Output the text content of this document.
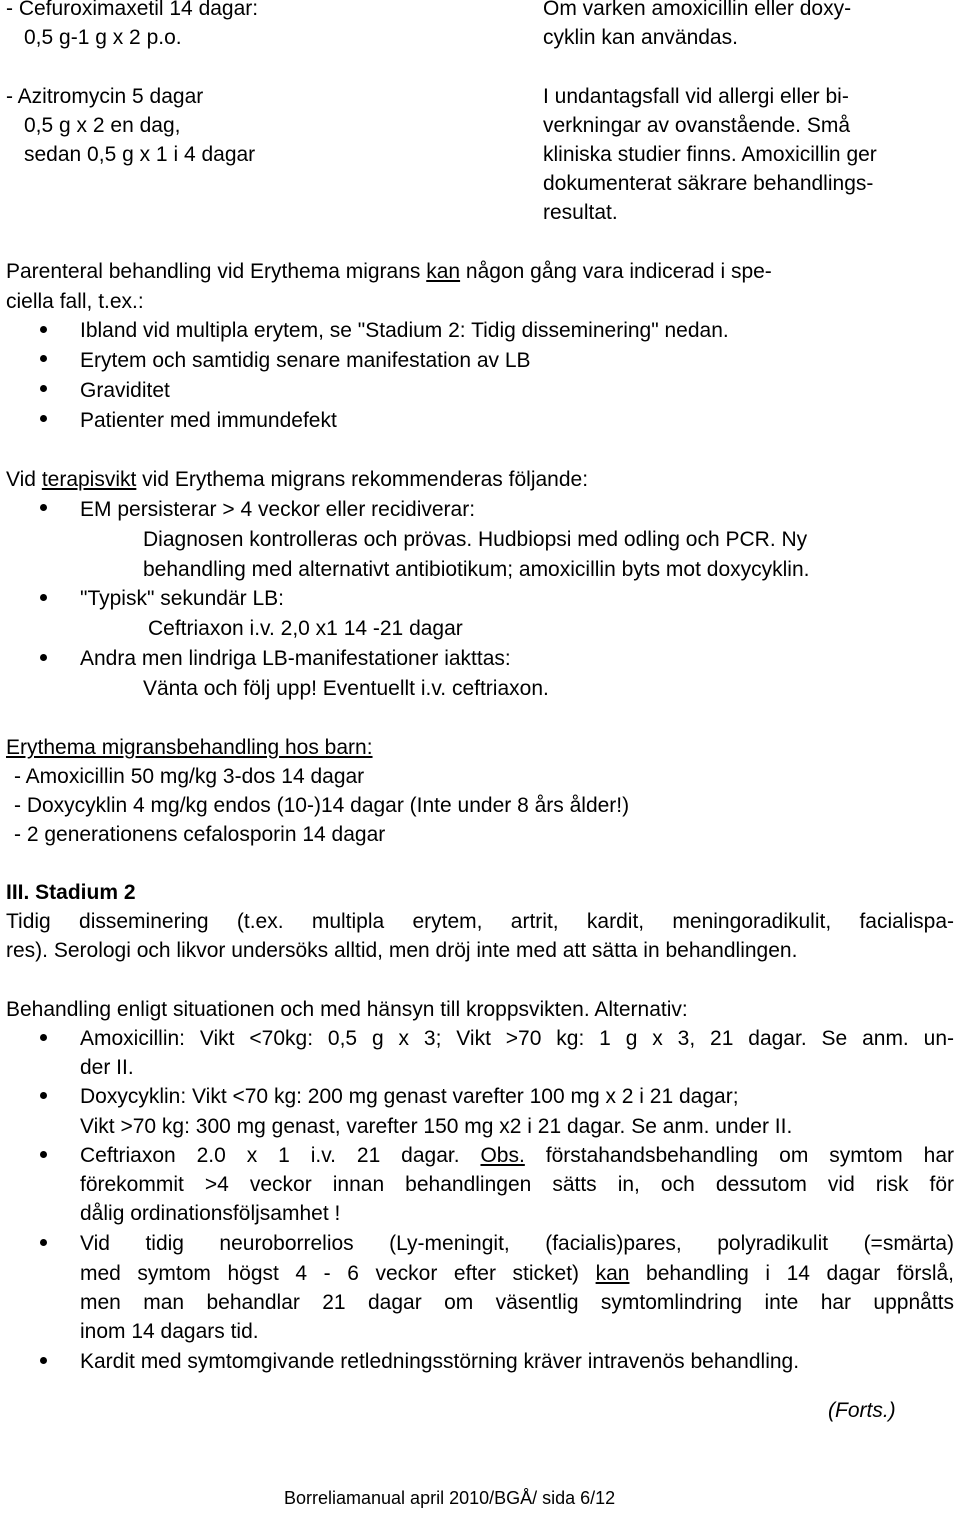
- Cefuroximaxetil 14 dagar:
0,5 g-1 g x 2 p.o.
- Azitromycin 5 dagar
0,5 g x 2 en dag,
sedan 0,5 g x 1 i 4 dagar
Om varken amoxicillin eller doxy-
cyklin kan användas.
I undantagsfall vid allergi eller bi-
verkningar av ovanstående. Små
kliniska studier finns. Amoxicillin ger
dokumenterat säkrare behandlings-
resultat.
Parenteral behandling vid Erythema migrans kan någon gång vara indicerad i spe-
ciella fall, t.ex.:
Ibland vid multipla erytem, se "Stadium 2: Tidig disseminering" nedan.
Erytem och samtidig senare manifestation av LB
Graviditet
Patienter med immundefekt
Vid terapisvikt vid Erythema migrans rekommenderas följande:
EM persisterar > 4 veckor eller recidiverar:
Diagnosen kontrolleras och prövas. Hudbiopsi med odling och PCR. Ny
behandling med alternativt antibiotikum; amoxicillin byts mot doxycyklin.
"Typisk" sekundär LB:
Ceftriaxon i.v. 2,0 x1 14 -21 dagar
Andra men lindriga LB-manifestationer iakttas:
Vänta och följ upp! Eventuellt i.v. ceftriaxon.
Erythema migransbehandling hos barn:
- Amoxicillin 50 mg/kg 3-dos 14 dagar
- Doxycyklin 4 mg/kg endos (10-)14 dagar (Inte under 8 års ålder!)
- 2 generationens cefalosporin 14 dagar
III. Stadium 2
Tidig disseminering (t.ex. multipla erytem, artrit, kardit, meningoradikulit, facialispa-
res). Serologi och likvor undersöks alltid, men dröj inte med att sätta in behandlingen.
Behandling enligt situationen och med hänsyn till kroppsvikten. Alternativ:
Amoxicillin: Vikt <70kg: 0,5 g x 3; Vikt >70 kg: 1 g x 3, 21 dagar. Se anm. un-
der II.
Doxycyklin: Vikt <70 kg: 200 mg genast varefter 100 mg x 2 i 21 dagar;
Vikt >70 kg: 300 mg genast, varefter 150 mg x2 i 21 dagar. Se anm. under II.
Ceftriaxon 2.0 x 1 i.v. 21 dagar. Obs. förstahandsbehandling om symtom har
förekommit >4 veckor innan behandlingen sätts in, och dessutom vid risk för
dålig ordinationsföljsamhet !
Vid tidig neuroborrelios (Ly-meningit, (facialis)pares, polyradikulit (=smärta)
med symtom högst 4 - 6 veckor efter sticket) kan behandling i 14 dagar förslå,
men man behandlar 21 dagar om väsentlig symtomlindring inte har uppnåtts
inom 14 dagars tid.
Kardit med symtomgivande retledningsstörning kräver intravenös behandling.
(Forts.)
Borreliamanual april 2010/BGÅ/ sida 6/12
